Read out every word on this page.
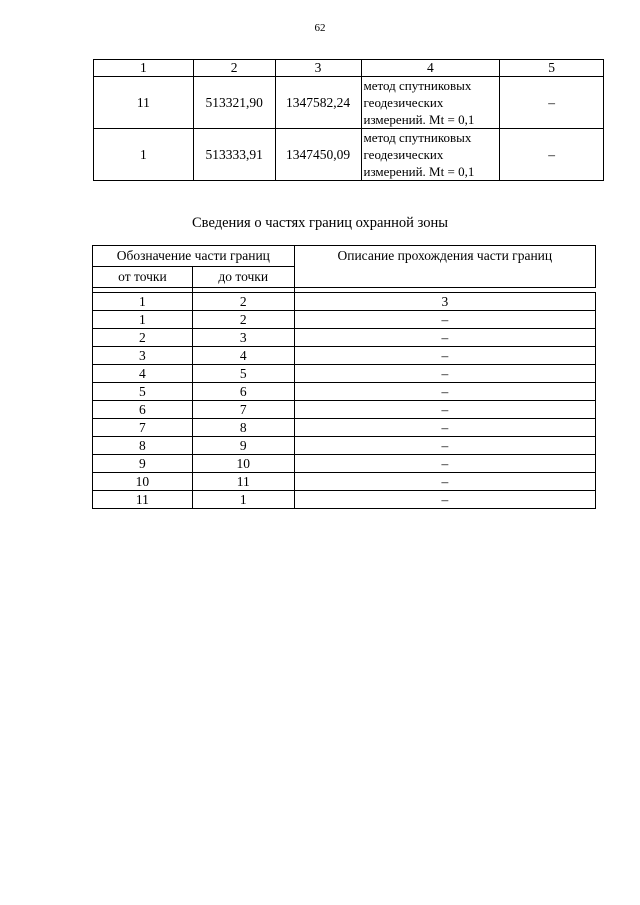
62
1	2	3	4	5
11	513321,90	1347582,24	метод спутниковых геодезических измерений. Mt = 0,1	–
1	513333,91	1347450,09	метод спутниковых геодезических измерений. Mt = 0,1	–
Сведения о частях границ охранной зоны
Обозначение части границ		Описание прохождения части границ
от точки	до точки	

1	2	3
1	2	–
2	3	–
3	4	–
4	5	–
5	6	–
6	7	–
7	8	–
8	9	–
9	10	–
10	11	–
11	1	–
